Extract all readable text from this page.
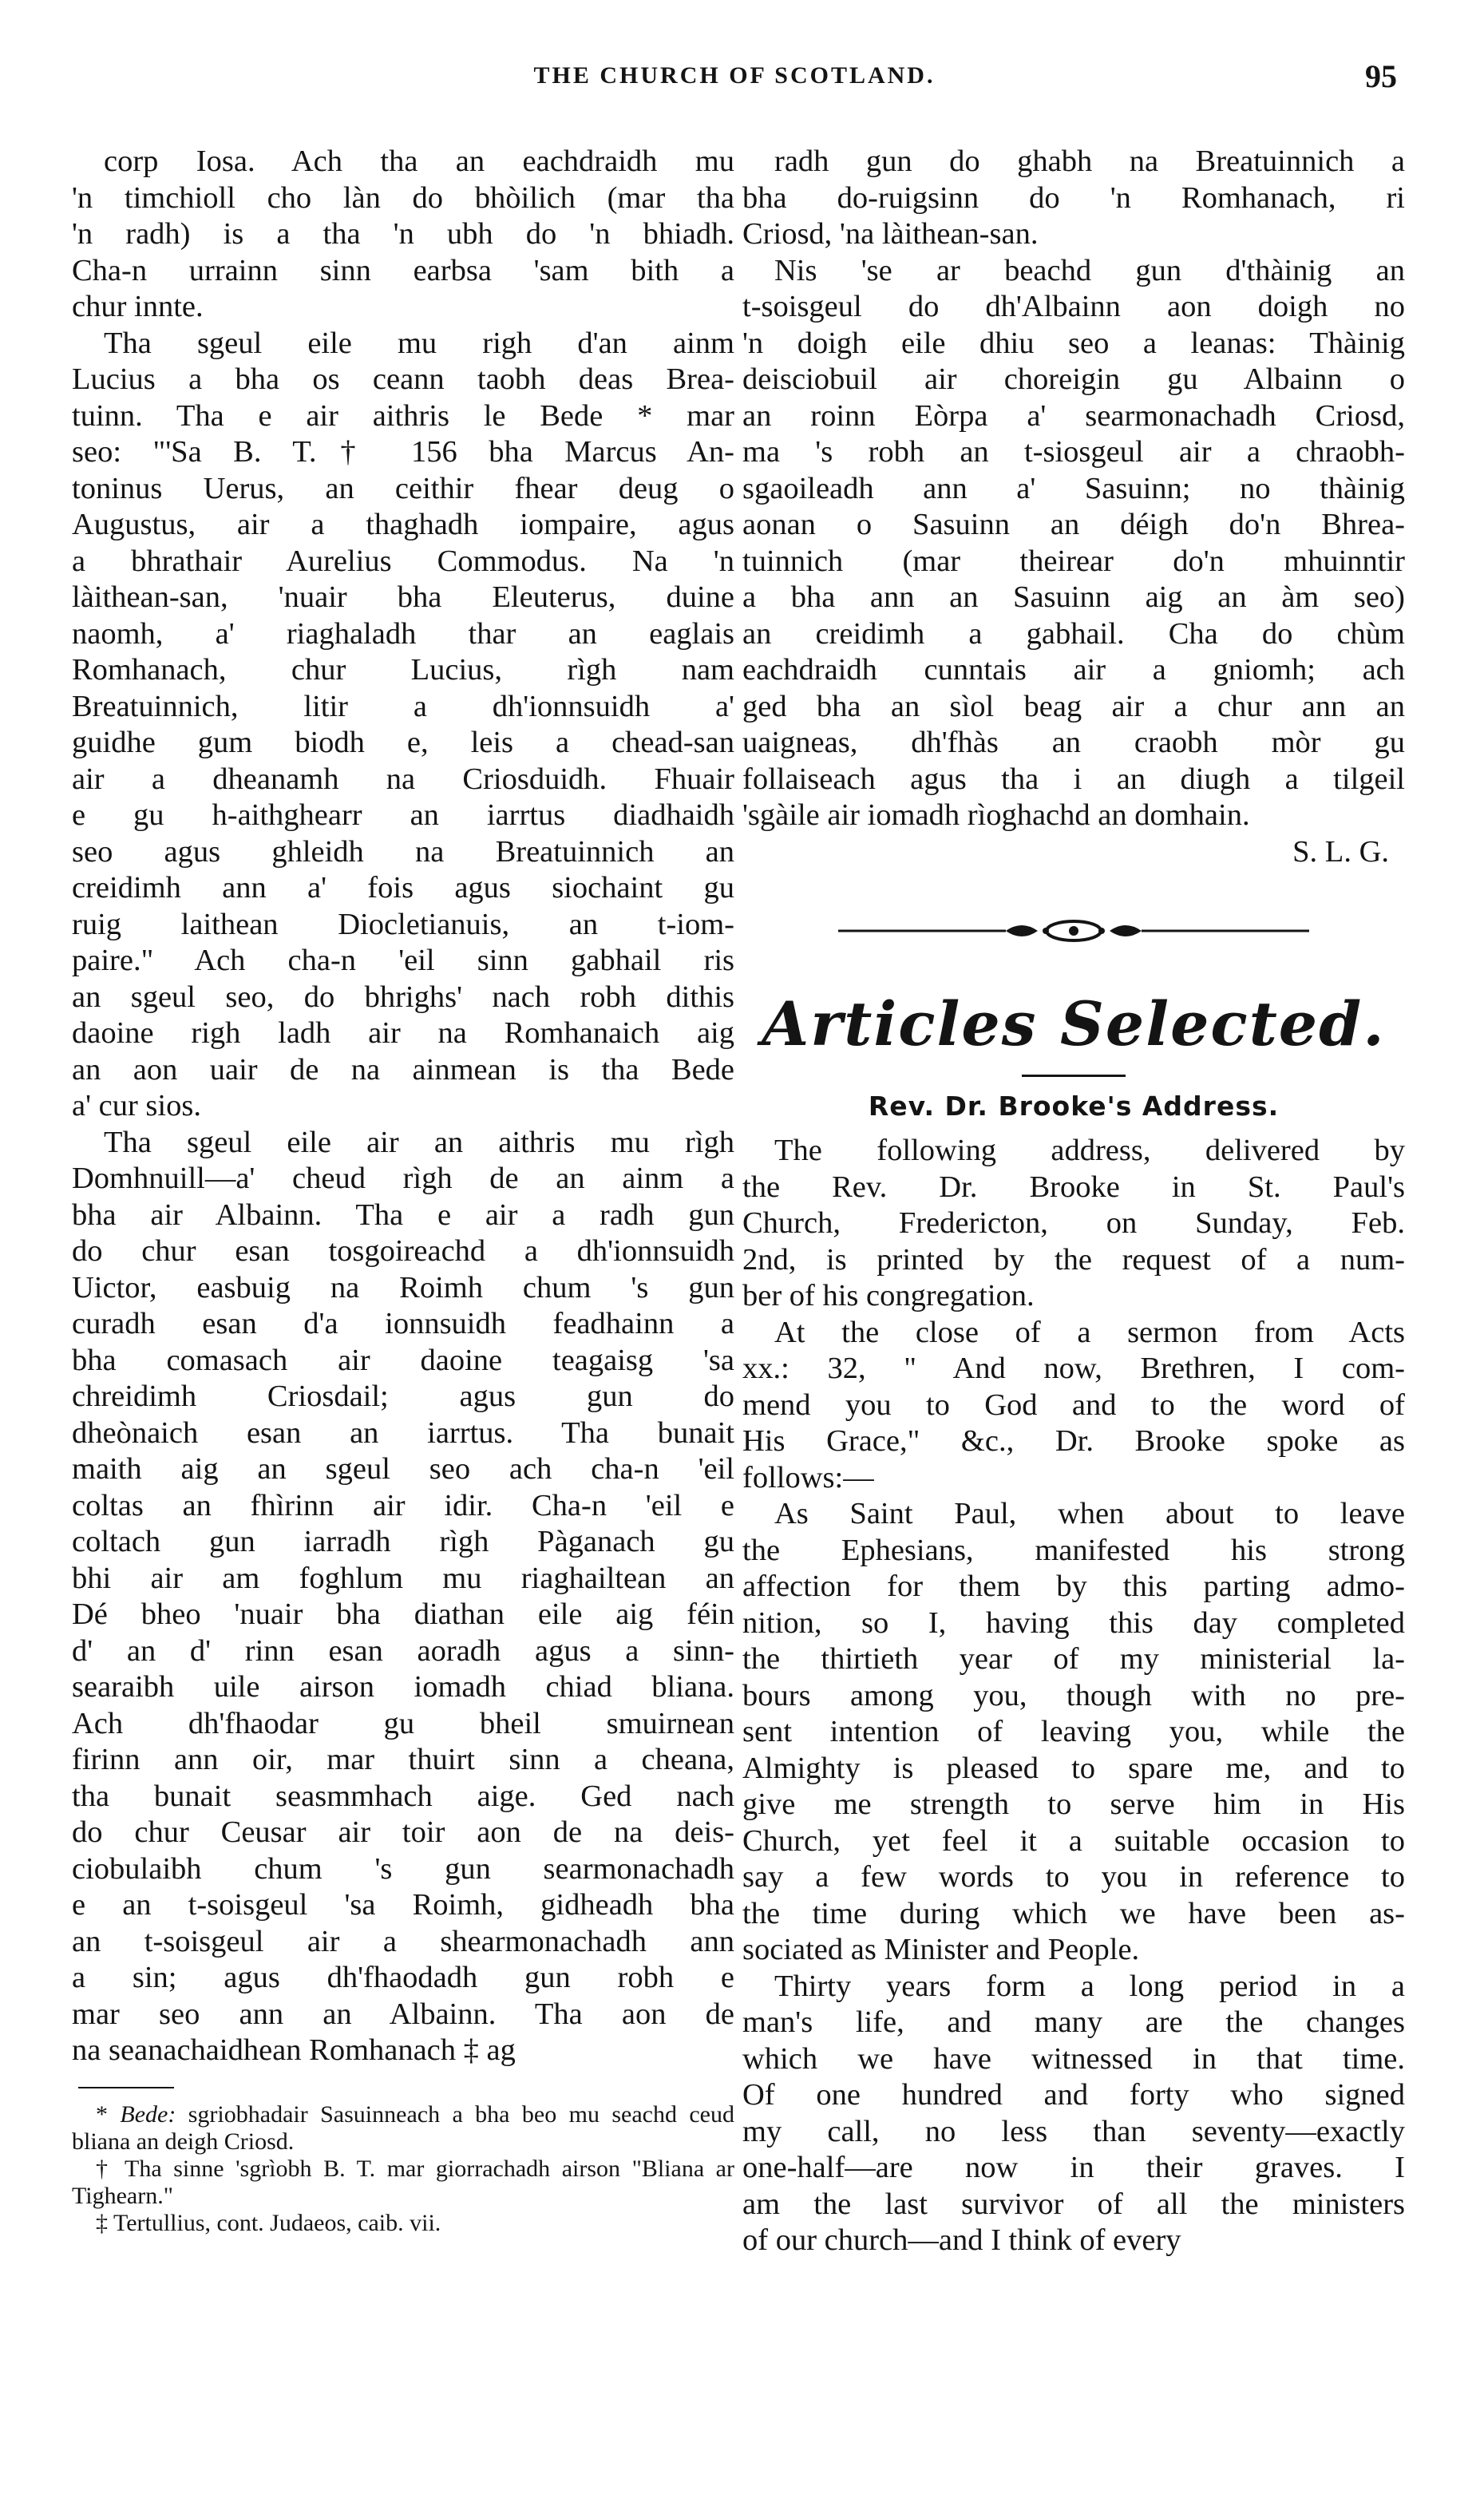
THE CHURCH OF SCOTLAND.	95
corp Iosa. Ach tha an eachdraidh mu
'n timchioll cho làn do bhòilich (mar tha
'n radh) is a tha 'n ubh do 'n bhiadh.
Cha-n urrainn sinn earbsa 'sam bith a
chur innte.
Tha sgeul eile mu righ d'an ainm
Lucius a bha os ceann taobh deas Brea-
tuinn. Tha e air aithris le Bede * mar
seo: "'Sa B. T.† 156 bha Marcus An-
toninus Uerus, an ceithir fhear deug o
Augustus, air a thaghadh iompaire, agus
a bhrathair Aurelius Commodus. Na 'n
làithean-san, 'nuair bha Eleuterus, duine
naomh, a' riaghaladh thar an eaglais
Romhanach, chur Lucius, rìgh nam
Breatuinnich, litir a dh'ionnsuidh a'
guidhe gum biodh e, leis a chead-san
air a dheanamh na Criosduidh. Fhuair
e gu h-aithghearr an iarrtus diadhaidh
seo agus ghleidh na Breatuinnich an
creidimh ann a' fois agus siochaint gu
ruig laithean Diocletianuis, an t-iom-
paire." Ach cha-n 'eil sinn gabhail ris
an sgeul seo, do bhrighs' nach robh dithis
daoine righ ladh air na Romhanaich aig
an aon uair de na ainmean is tha Bede
a' cur sios.
Tha sgeul eile air an aithris mu rìgh
Domhnuill—a' cheud rìgh de an ainm a
bha air Albainn. Tha e air a radh gun
do chur esan tosgoireachd a dh'ionnsuidh
Uictor, easbuig na Roimh chum 's gun
curadh esan d'a ionnsuidh feadhainn a
bha comasach air daoine teagaisg 'sa
chreidimh Criosdail; agus gun do
dheònaich esan an iarrtus. Tha bunait
maith aig an sgeul seo ach cha-n 'eil
coltas an fhìrinn air idir. Cha-n 'eil e
coltach gun iarradh rìgh Pàganach gu
bhi air am foghlum mu riaghailtean an
Dé bheo 'nuair bha diathan eile aig féin
d' an d' rinn esan aoradh agus a sinn-
searaibh uile airson iomadh chiad bliana.
Ach dh'fhaodar gu bheil smuirnean
firinn ann oir, mar thuirt sinn a cheana,
tha bunait seasmmhach aige. Ged nach
do chur Ceusar air toir aon de na deis-
ciobulaibh chum 's gun searmonachadh
e an t-soisgeul 'sa Roimh, gidheadh bha
an t-soisgeul air a shearmonachadh ann
a sin; agus dh'fhaodadh gun robh e
mar seo ann an Albainn. Tha aon de
na seanachaidhean Romhanach ‡ ag

* Bede: sgriobhadair Sasuinneach a bha beo mu seachd ceud bliana an deigh Criosd.

† Tha sinne 'sgrìobh B. T. mar giorrachadh airson "Bliana ar Tighearn."

‡ Tertullius, cont. Judaeos, caib. vii.

radh gun do ghabh na Breatuinnich a
bha do-ruigsinn do 'n Romhanach, ri
Criosd, 'na làithean-san.
Nis 'se ar beachd gun d'thàinig an
t-soisgeul do dh'Albainn aon doigh no
'n doigh eile dhiu seo a leanas: Thàinig
deisciobuil air choreigin gu Albainn o
an roinn Eòrpa a' searmonachadh Criosd,
ma 's robh an t-siosgeul air a chraobh-
sgaoileadh ann a' Sasuinn; no thàinig
aonan o Sasuinn an déigh do'n Bhrea-
tuinnich (mar theirear do'n mhuinntir
a bha ann an Sasuinn aig an àm seo)
an creidimh a gabhail. Cha do chùm
eachdraidh cunntais air a gniomh; ach
ged bha an sìol beag air a chur ann an
uaigneas, dh'fhàs an craobh mòr gu
follaiseach agus tha i an diugh a tilgeil
'sgàile air iomadh rìoghachd an domhain.

S. L. G.

Articles Selected.
Rev. Dr. Brooke's Address.
The following address, delivered by
the Rev. Dr. Brooke in St. Paul's
Church, Fredericton, on Sunday, Feb.
2nd, is printed by the request of a num-
ber of his congregation.
At the close of a sermon from Acts
xx.: 32, " And now, Brethren, I com-
mend you to God and to the word of
His Grace," &c., Dr. Brooke spoke as
follows:—
As Saint Paul, when about to leave
the Ephesians, manifested his strong
affection for them by this parting admo-
nition, so I, having this day completed
the thirtieth year of my ministerial la-
bours among you, though with no pre-
sent intention of leaving you, while the
Almighty is pleased to spare me, and to
give me strength to serve him in His
Church, yet feel it a suitable occasion to
say a few words to you in reference to
the time during which we have been as-
sociated as Minister and People.
Thirty years form a long period in a
man's life, and many are the changes
which we have witnessed in that time.
Of one hundred and forty who signed
my call, no less than seventy—exactly
one-half—are now in their graves. I
am the last survivor of all the ministers
of our church—and I think of every
